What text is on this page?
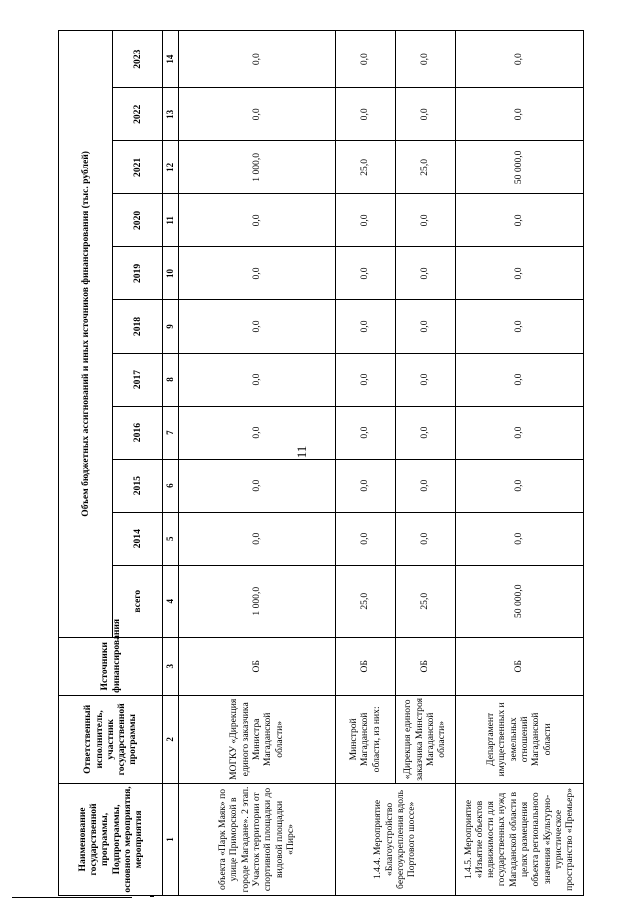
11
Наименование государственной программы, Подпрограммы, основного мероприятия, мероприятия	Ответственный исполнитель, участник государственной программы	Источники финансирования	Объем бюджетных ассигнований и иных источников финансирования (тыс. рублей)										
			всего	2014	2015	2016	2017	2018	2019	2020	2021	2022	2023
1	2	3	4	5	6	7	8	9	10	11	12	13	14
объекта «Парк Маяк» по улице Приморской в городе Магадане». 2 этап. Участок территории от спортивной площадки до видовой площадки «Пирс»	МОГКУ «Дирекция единого заказчика Министра Магаданской области»	ОБ	1 000,0	0,0	0,0	0,0	0,0	0,0	0,0	0,0	1 000,0	0,0	0,0
1.4.4. Мероприятие «Благоустройство берегоукрепления вдоль Портового шоссе»	Минстрой Магаданской области, из них:	ОБ	25,0	0,0	0,0	0,0	0,0	0,0	0,0	0,0	25,0	0,0	0,0
	«Дирекция единого заказчика Минстроя Магаданской области»	ОБ	25,0	0,0	0,0	0,0	0,0	0,0	0,0	0,0	25,0	0,0	0,0
1.4.5. Мероприятие «Изъятие объектов недвижимости для государственных нужд Магаданской области в целях размещения объекта регионального значения «Культурно-туристическое пространство «Премьер»	Департамент имущественных и земельных отношений Магаданской области	ОБ	50 000,0	0,0	0,0	0,0	0,0	0,0	0,0	0,0	50 000,0	0,0	0,0
